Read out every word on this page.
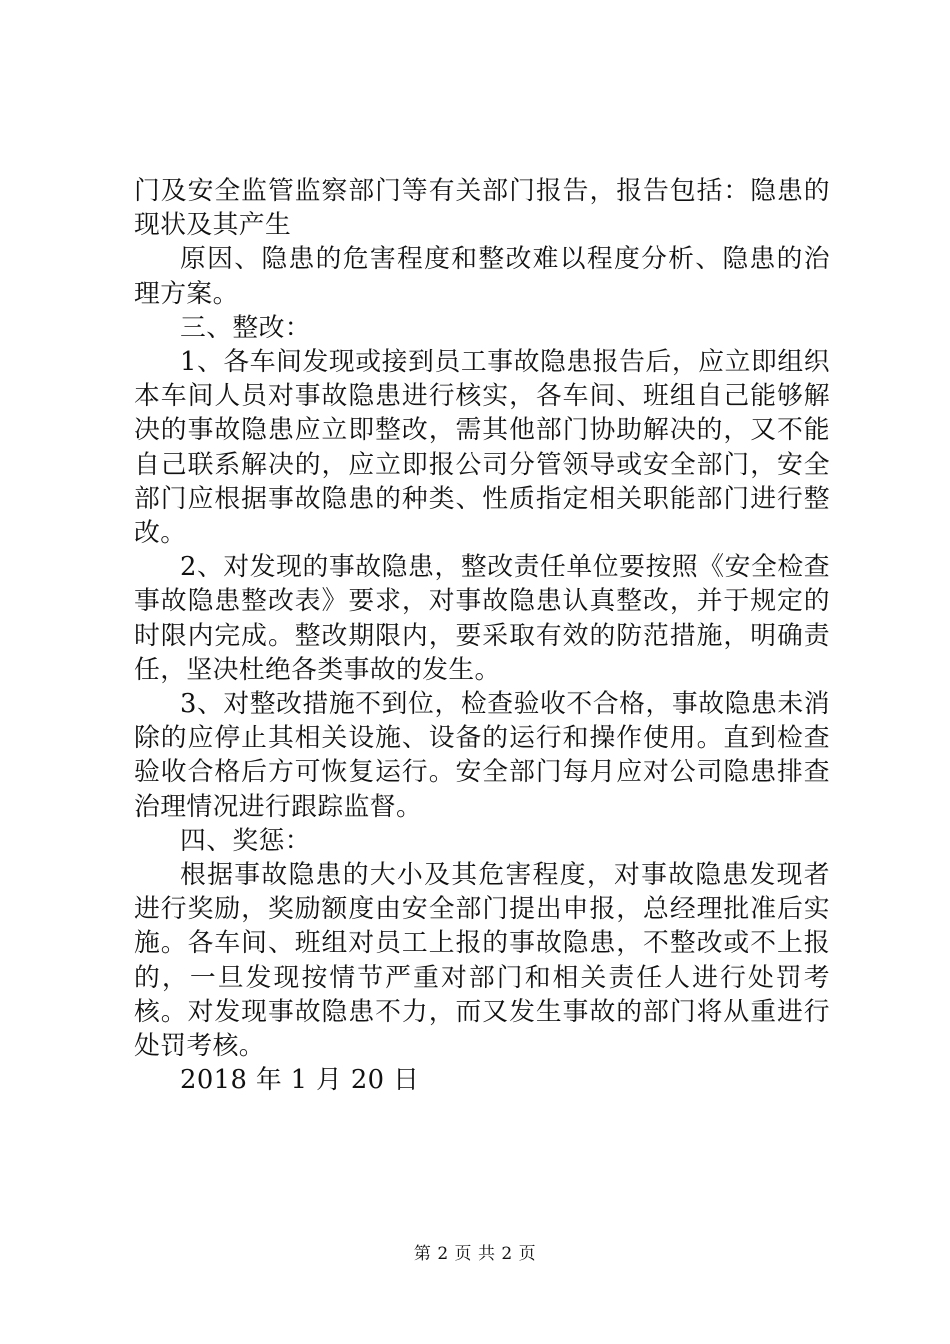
门及安全监管监察部门等有关部门报告，报告包括：隐患的现状及其产生

原因、隐患的危害程度和整改难以程度分析、隐患的治理方案。

三、整改：

1、各车间发现或接到员工事故隐患报告后，应立即组织本车间人员对事故隐患进行核实，各车间、班组自己能够解决的事故隐患应立即整改，需其他部门协助解决的，又不能自己联系解决的，应立即报公司分管领导或安全部门，安全部门应根据事故隐患的种类、性质指定相关职能部门进行整改。

2、对发现的事故隐患，整改责任单位要按照《安全检查事故隐患整改表》要求，对事故隐患认真整改，并于规定的时限内完成。整改期限内，要采取有效的防范措施，明确责任，坚决杜绝各类事故的发生。

3、对整改措施不到位，检查验收不合格，事故隐患未消除的应停止其相关设施、设备的运行和操作使用。直到检查验收合格后方可恢复运行。安全部门每月应对公司隐患排查治理情况进行跟踪监督。

四、奖惩：

根据事故隐患的大小及其危害程度，对事故隐患发现者进行奖励，奖励额度由安全部门提出申报，总经理批准后实施。各车间、班组对员工上报的事故隐患，不整改或不上报的，一旦发现按情节严重对部门和相关责任人进行处罚考核。对发现事故隐患不力，而又发生事故的部门将从重进行处罚考核。

2018 年 1 月 20 日

第 2 页 共 2 页
